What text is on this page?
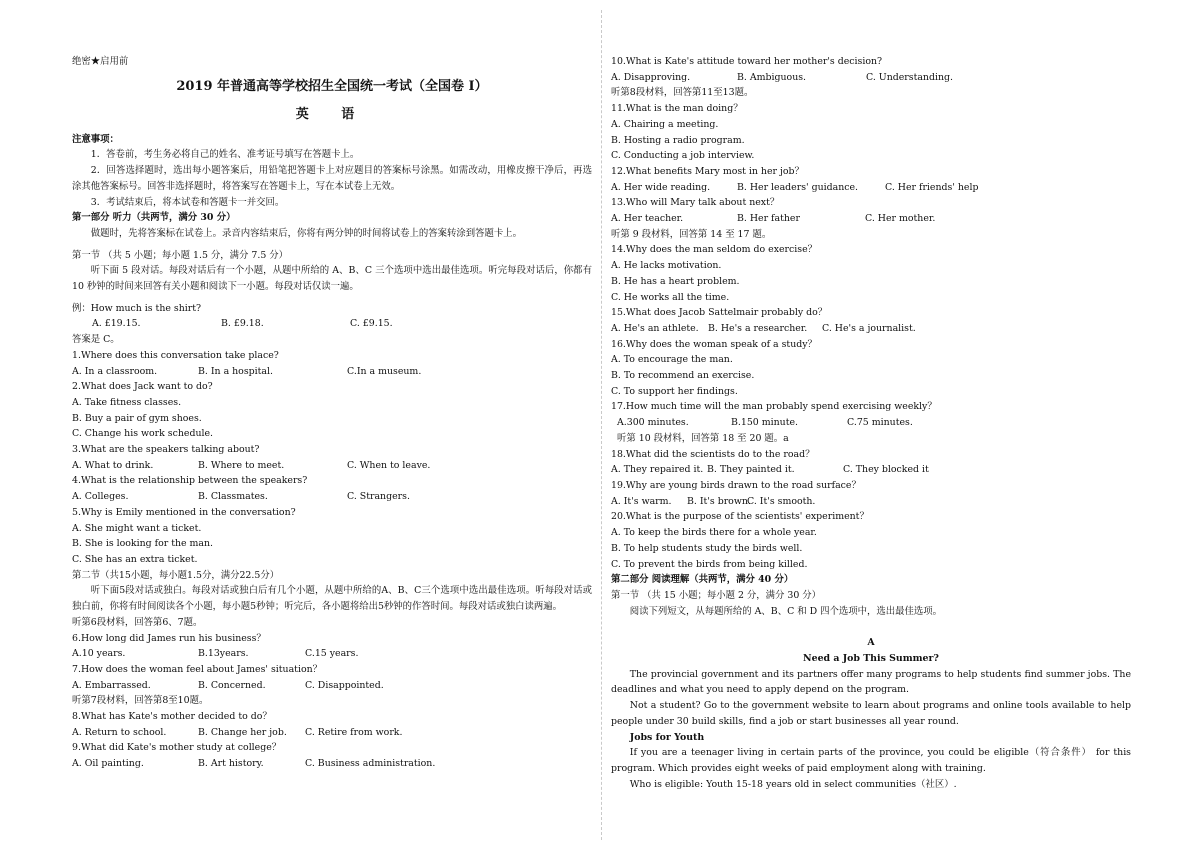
绝密★启用前
2019 年普通高等学校招生全国统一考试（全国卷 I）
英 语
注意事项：
1．答卷前，考生务必将自己的姓名、准考证号填写在答题卡上。
2．回答选择题时，选出每小题答案后，用铅笔把答题卡上对应题目的答案标号涂黑。如需改动，用橡皮擦干净后，再选涂其他答案标号。回答非选择题时，将答案写在答题卡上，写在本试卷上无效。
3．考试结束后，将本试卷和答题卡一并交回。
第一部分 听力（共两节，满分 30 分）
做题时，先将答案标在试卷上。录音内容结束后，你将有两分钟的时间将试卷上的答案转涂到答题卡上。
第一节 （共 5 小题；每小题 1.5 分，满分 7.5 分）
听下面 5 段对话。每段对话后有一个小题，从题中所给的 A、B、C 三个选项中选出最佳选项。听完每段对话后，你都有 10 秒钟的时间来回答有关小题和阅读下一小题。每段对话仅读一遍。
例：How much is the shirt?
A. £19.15.	B. £9.18.	C. £9.15.
答案是 C。
1.Where does this conversation take place?
A. In a classroom.	B. In a hospital.	C.In a museum.
2.What does Jack want to do?
A. Take fitness classes.
B. Buy a pair of gym shoes.
C. Change his work schedule.
3.What are the speakers talking about?
A. What to drink.	B. Where to meet.	C. When to leave.
4.What is the relationship between the speakers?
A. Colleges.	B. Classmates.	C. Strangers.
5.Why is Emily mentioned in the conversation?
A. She might want a ticket.
B. She is looking for the man.
C. She has an extra ticket.
第二节（共15小题，每小题1.5分，满分22.5分）
听下面5段对话或独白。每段对话或独白后有几个小题，从题中所给的A、B、C三个选项中选出最佳选项。听每段对话或独白前，你将有时间阅读各个小题，每小题5秒钟；听完后，各小题将给出5秒钟的作答时间。每段对话或独白读两遍。
听第6段材料，回答第6、7题。
6.How long did James run his business？
A.10 years.	B.13years.	C.15 years.
7.How does the woman feel about James' situation？
A. Embarrassed.	B. Concerned.	C. Disappointed.
听第7段材料，回答第8至10题。
8.What has Kate's mother decided to do？
A. Return to school.	B. Change her job.	C. Retire from work.
9.What did Kate's mother study at college？
A. Oil painting.	B. Art history.	C. Business administration.
10.What is Kate's attitude toward her mother's decision?
A. Disapproving.	B. Ambiguous.	C. Understanding.
听第8段材料，回答第11至13题。
11.What is the man doing？
A. Chairing a meeting.
B. Hosting a radio program.
C. Conducting a job interview.
12.What benefits Mary most in her job？
A. Her wide reading.	B. Her leaders' guidance.	C. Her friends' help
13.Who will Mary talk about next？
A. Her teacher.	B. Her father	C. Her mother.
听第 9 段材料，回答第 14 至 17 题。
14.Why does the man seldom do exercise？
A. He lacks motivation.
B. He has a heart problem.
C. He works all the time.
15.What does Jacob Sattelmair probably do？
A. He's an athlete. B. He's a researcher.	C. He's a journalist.
16.Why does the woman speak of a study？
A. To encourage the man.
B. To recommend an exercise.
C. To support her findings.
17.How much time will the man probably spend exercising weekly？
A.300 minutes.	B.150 minute.	C.75 minutes.
听第 10 段材料，回答第 18 至 20 题。a
18.What did the scientists do to the road？
A. They repaired it. B. They painted it.	C. They blocked it
19.Why are young birds drawn to the road surface？
A. It's warm.	B. It's brown.
C. It's smooth.
20.What is the purpose of the scientists' experiment？
A. To keep the birds there for a whole year.
B. To help students study the birds well.
C. To prevent the birds from being killed.
第二部分 阅读理解（共两节，满分 40 分）
第一节 （共 15 小题；每小题 2 分，满分 30 分）
阅读下列短文，从每题所给的 A、B、C 和 D 四个选项中，选出最佳选项。
A
Need a Job This Summer?
The provincial government and its partners offer many programs to help students find summer jobs. The deadlines and what you need to apply depend on the program.
Not a student? Go to the government website to learn about programs and online tools available to help people under 30 build skills, find a job or start businesses all year round.
Jobs for Youth
If you are a teenager living in certain parts of the province, you could be eligible（符合条件） for this program. Which provides eight weeks of paid employment along with training.
Who is eligible: Youth 15-18 years old in select communities（社区）.
